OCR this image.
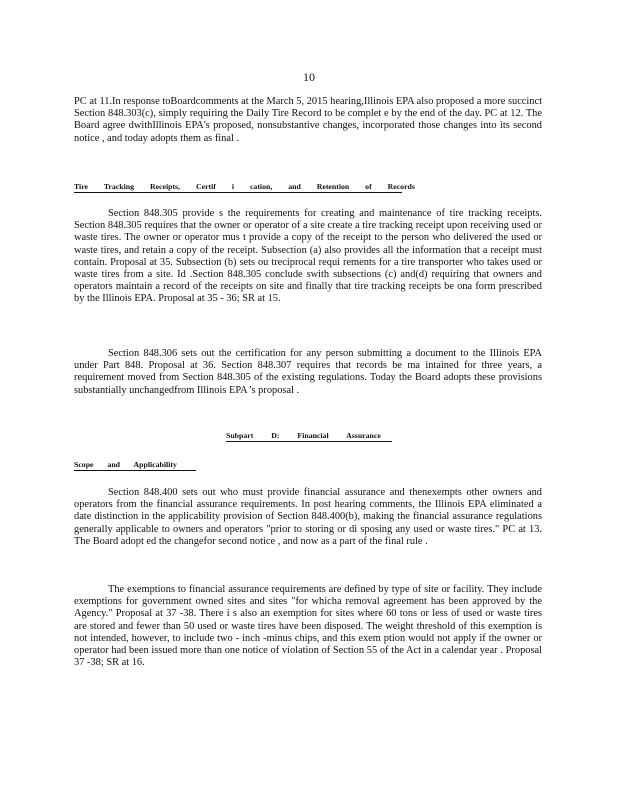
10
PC at 11.In response toBoardcomments at the March 5, 2015 hearing,Illinois EPA also proposed a more succinct Section 848.303(c), simply requiring the Daily Tire Record to be complet e by the end of the day. PC at 12. The Board agree dwithIllinois EPA's proposed, nonsubstantive changes, incorporated those changes into its second notice , and today adopts them as final .
Tire Tracking Receipts, Certif i cation, and Retention of Records
Section 848.305 provide s the requirements for creating and maintenance of tire tracking receipts. Section 848.305 requires that the owner or operator of a site create a tire tracking receipt upon receiving used or waste tires. The owner or operator mus t provide a copy of the receipt to the person who delivered the used or waste tires, and retain a copy of the receipt. Subsection (a) also provides all the information that a receipt must contain. Proposal at 35. Subsection (b) sets ou treciprocal requi rements for a tire transporter who takes used or waste tires from a site. Id .Section 848.305 conclude swith subsections (c) and(d) requiring that owners and operators maintain a record of the receipts on site and finally that tire tracking receipts be ona form prescribed by the Illinois EPA. Proposal at 35 - 36; SR at 15.
Section 848.306 sets out the certification for any person submitting a document to the Illinois EPA under Part 848. Proposal at 36. Section 848.307 requires that records be ma intained for three years, a requirement moved from Section 848.305 of the existing regulations. Today the Board adopts these provisions substantially unchangedfrom Illinois EPA 's proposal .
Subpart D: Financial Assurance
Scope and Applicability
Section 848.400 sets out who must provide financial assurance and thenexempts other owners and operators from the financial assurance requirements. In post hearing comments, the Illinois EPA eliminated a date distinction in the applicability provision of Section 848.400(b), making the financial assurance regulations generally applicable to owners and operators "prior to storing or di sposing any used or waste tires." PC at 13. The Board adopt ed the changefor second notice , and now as a part of the final rule .
The exemptions to financial assurance requirements are defined by type of site or facility. They include exemptions for government owned sites and sites "for whicha removal agreement has been approved by the Agency." Proposal at 37 -38. There i s also an exemption for sites where 60 tons or less of used or waste tires are stored and fewer than 50 used or waste tires have been disposed. The weight threshold of this exemption is not intended, however, to include two - inch -minus chips, and this exem ption would not apply if the owner or operator had been issued more than one notice of violation of Section 55 of the Act in a calendar year . Proposal 37 -38; SR at 16.
